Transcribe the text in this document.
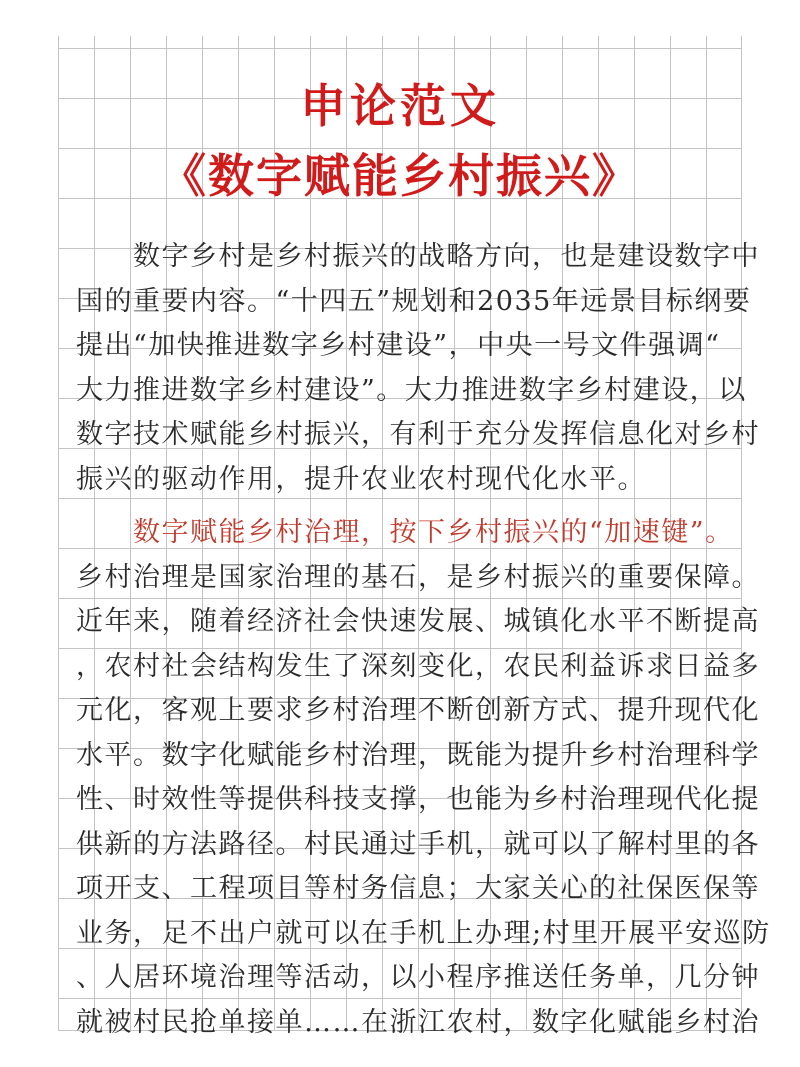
申论范文
《数字赋能乡村振兴》
　　数字乡村是乡村振兴的战略方向，也是建设数字中
国的重要内容。“十四五”规划和2035年远景目标纲要
提出“加快推进数字乡村建设”，中央一号文件强调“
大力推进数字乡村建设”。大力推进数字乡村建设，以
数字技术赋能乡村振兴，有利于充分发挥信息化对乡村
振兴的驱动作用，提升农业农村现代化水平。
　　数字赋能乡村治理，按下乡村振兴的“加速键”。
乡村治理是国家治理的基石，是乡村振兴的重要保障。
近年来，随着经济社会快速发展、城镇化水平不断提高
，农村社会结构发生了深刻变化，农民利益诉求日益多
元化，客观上要求乡村治理不断创新方式、提升现代化
水平。数字化赋能乡村治理，既能为提升乡村治理科学
性、时效性等提供科技支撑，也能为乡村治理现代化提
供新的方法路径。村民通过手机，就可以了解村里的各
项开支、工程项目等村务信息；大家关心的社保医保等
业务，足不出户就可以在手机上办理;村里开展平安巡防
、人居环境治理等活动，以小程序推送任务单，几分钟
就被村民抢单接单……在浙江农村，数字化赋能乡村治
